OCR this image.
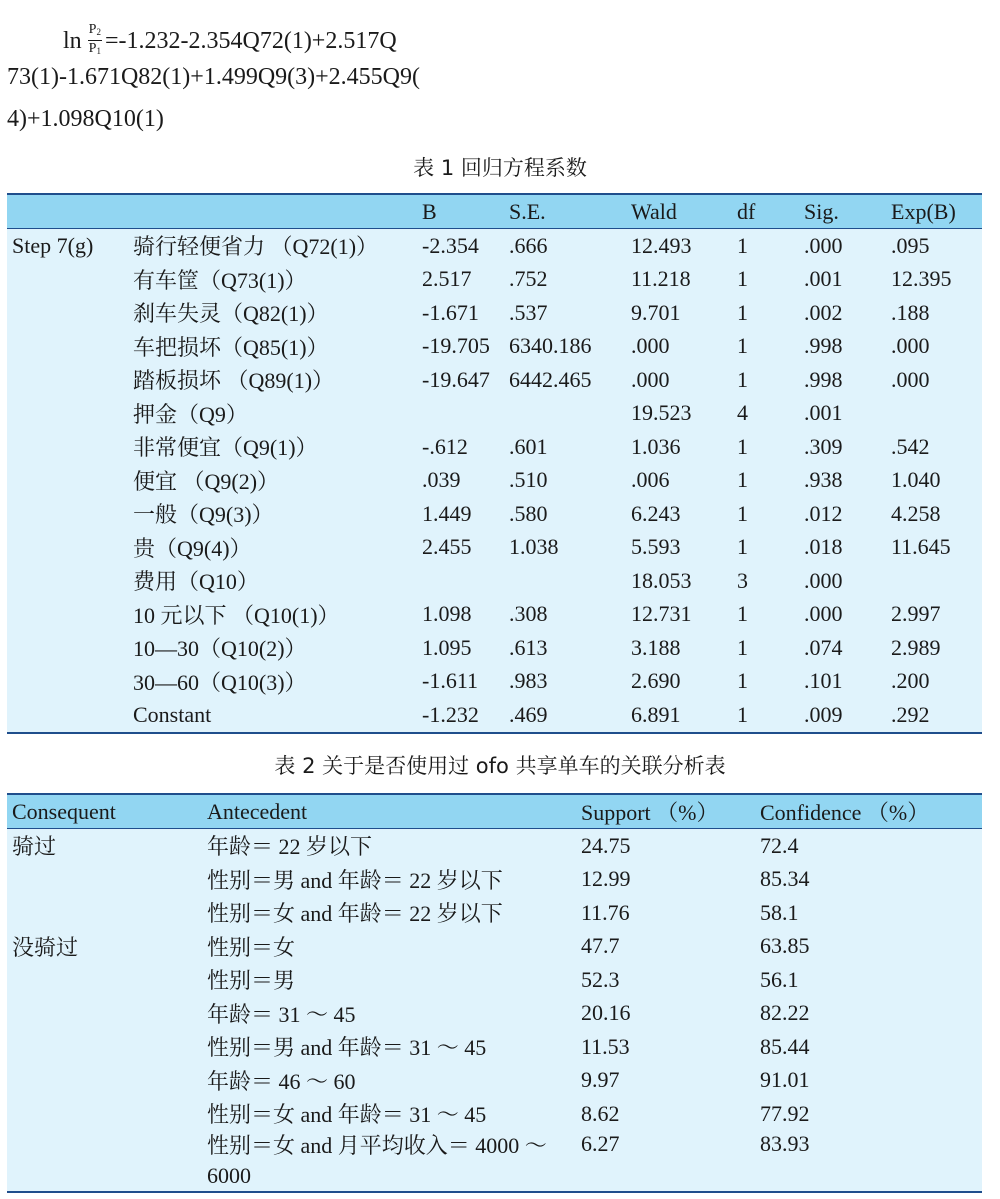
$\ln \frac{P_2}{P_1} =-1.232-2.354Q72(1)+2.517Q$
73(1)-1.671Q82(1)+1.499Q9(3)+2.455Q9(
4)+1.098Q10(1)
表 1 回归方程系数
		B	S.E.	Wald	df	Sig.	Exp(B)
Step 7(g)	骑行轻便省力 （Q72(1)）	-2.354	.666	12.493	1	.000	.095
	有车筐（Q73(1)）	2.517	.752	11.218	1	.001	12.395
	刹车失灵（Q82(1)）	-1.671	.537	9.701	1	.002	.188
	车把损坏（Q85(1)）	-19.705	6340.186	.000	1	.998	.000
	踏板损坏 （Q89(1)）	-19.647	6442.465	.000	1	.998	.000
	押金（Q9）			19.523	4	.001	
	非常便宜（Q9(1)）	-.612	.601	1.036	1	.309	.542
	便宜 （Q9(2)）	.039	.510	.006	1	.938	1.040
	一般（Q9(3)）	1.449	.580	6.243	1	.012	4.258
	贵（Q9(4)）	2.455	1.038	5.593	1	.018	11.645
	费用（Q10）			18.053	3	.000	
	10 元以下 （Q10(1)）	1.098	.308	12.731	1	.000	2.997
	10—30（Q10(2)）	1.095	.613	3.188	1	.074	2.989
	30—60（Q10(3)）	-1.611	.983	2.690	1	.101	.200
	Constant	-1.232	.469	6.891	1	.009	.292
表 2 关于是否使用过 ofo 共享单车的关联分析表
Consequent	Antecedent	Support （%）	Confidence （%）
骑过	年龄＝ 22 岁以下	24.75	72.4
	性别＝男 and 年龄＝ 22 岁以下	12.99	85.34
	性别＝女 and 年龄＝ 22 岁以下	11.76	58.1
没骑过	性别＝女	47.7	63.85
	性别＝男	52.3	56.1
	年龄＝ 31 ～ 45	20.16	82.22
	性别＝男 and 年龄＝ 31 ～ 45	11.53	85.44
	年龄＝ 46 ～ 60	9.97	91.01
	性别＝女 and 年龄＝ 31 ～ 45	8.62	77.92
	性别＝女 and 月平均收入＝ 4000 ～ 6000	6.27	83.93
